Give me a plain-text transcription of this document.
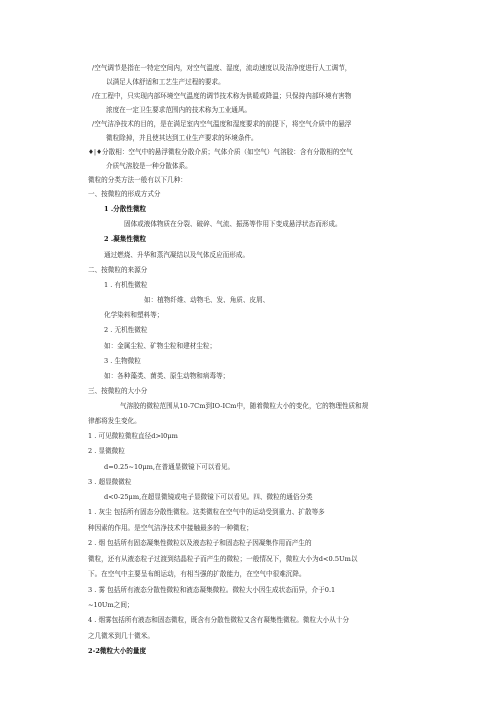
/空气调节是指在一特定空间内，对空气温度、湿度，流动速度以及洁净度进行人工调节，
以满足人体舒适和工艺生产过程的要求。
/在工程中，只实现内部环境空气温度的调节技术称为供暖或降温；只保持内部环境有害物
浓度在一定卫生要求范围内的技术称为工业通风。
/空气洁净技术的目的，是在满足室内空气温度和湿度要求的前提下，将空气介质中的悬浮
微粒除掉，并且使其达到工业生产要求的环境条件。
♦|♦分散相：空气中的悬浮微粒分散介质；气体介质（如空气）气溶胶：含有分散相的空气
介质气溶胶是一种分散体系。
微粒的分类方法一般有以下几种：
一、按微粒的形成方式分
1 .分散性微粒
固体或液体物质在分裂、破碎、气流、振荡等作用下变成悬浮状态而形成。
2 .凝集性微粒
通过燃烧、升华和蒸汽凝结以及气体反应而形成。
二、按微粒的来源分
1 . 有机性微粒
如：植物纤维、动物毛、发、角质、皮屑、
化学染料和塑料等；
2 . 无机性微粒
如：金属尘粒、矿物尘粒和建材尘粒；
3 . 生物微粒
如：各种藻类、菌类、原生动物和病毒等；
三、按微粒的大小分
气溶胶的微粒范围从10-7Cm到IO-ICm中，随着微粒大小的变化，它的物理性质和规
律都将发生变化。
1 . 可见微粒微粒直径d>l0μm
2 . 显微微粒
d=0.25~10μm,在普通显微镜下可以看见。
3 . 超显微微粒
d<0-25μm,在超显微镜或电子显微镜下可以看见。四、微粒的通俗分类
1 . 灰尘 包括所有固态分散性微粒。这类微粒在空气中的运动受到重力、扩散等多
种因素的作用。是空气洁净技术中接触最多的一种微粒；
2 . 烟 包括所有固态凝集性微粒以及液态粒子和固态粒子因凝集作用而产生的
微粒，还有从液态粒子过渡到结晶粒子而产生的微粒；一般情况下，微粒大小为d<0.5Um以
下。在空气中主要呈布朗运动，有相当强的扩散能力，在空气中很难沉降。
3 . 雾 包括所有液态分散性微粒和液态凝集微粒。微粒大小因生成状态而异，介于0.1
~10Um之间；
4 . 烟雾包括所有液态和固态微粒，既含有分散性微粒又含有凝集性微粒。微粒大小从十分
之几微米到几十微米。
2-2微粒大小的量度
